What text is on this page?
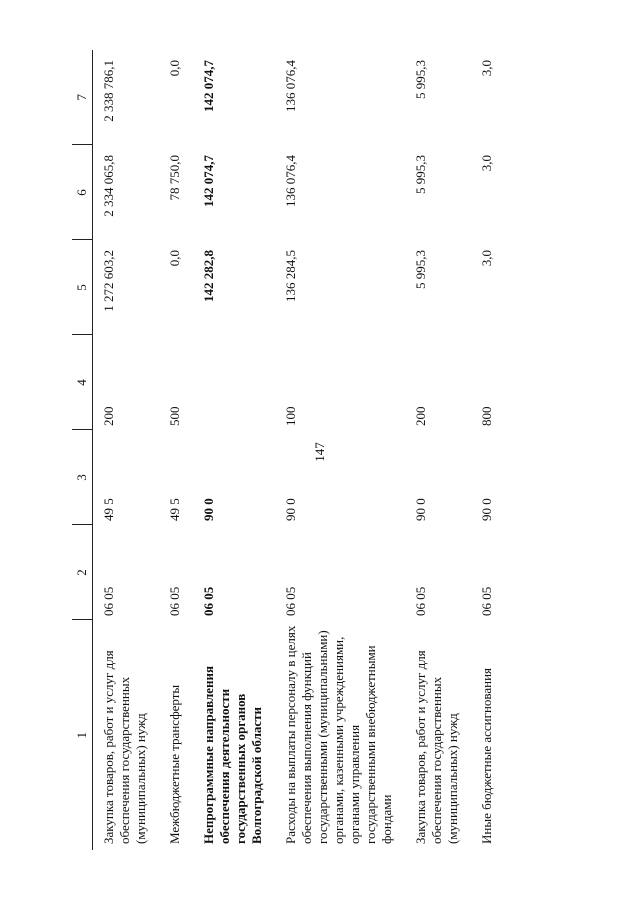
147
1	2	3	4	5	6	7
Закупка товаров, работ и услуг для обеспечения государственных (муниципальных) нужд	06 05	49 5	200	1 272 603,2	2 334 065,8	2 338 786,1
Межбюджетные трансферты	06 05	49 5	500	0,0	78 750,0	0,0
Непрограммные направления обеспечения деятельности государственных органов Волгоградской области	06 05	90 0		142 282,8	142 074,7	142 074,7
Расходы на выплаты персоналу в целях обеспечения выполнения функций государственными (муниципальными) органами, казенными учреждениями, органами управления государственными внебюджетными фондами	06 05	90 0	100	136 284,5	136 076,4	136 076,4
Закупка товаров, работ и услуг для обеспечения государственных (муниципальных) нужд	06 05	90 0	200	5 995,3	5 995,3	5 995,3
Иные бюджетные ассигнования	06 05	90 0	800	3,0	3,0	3,0
